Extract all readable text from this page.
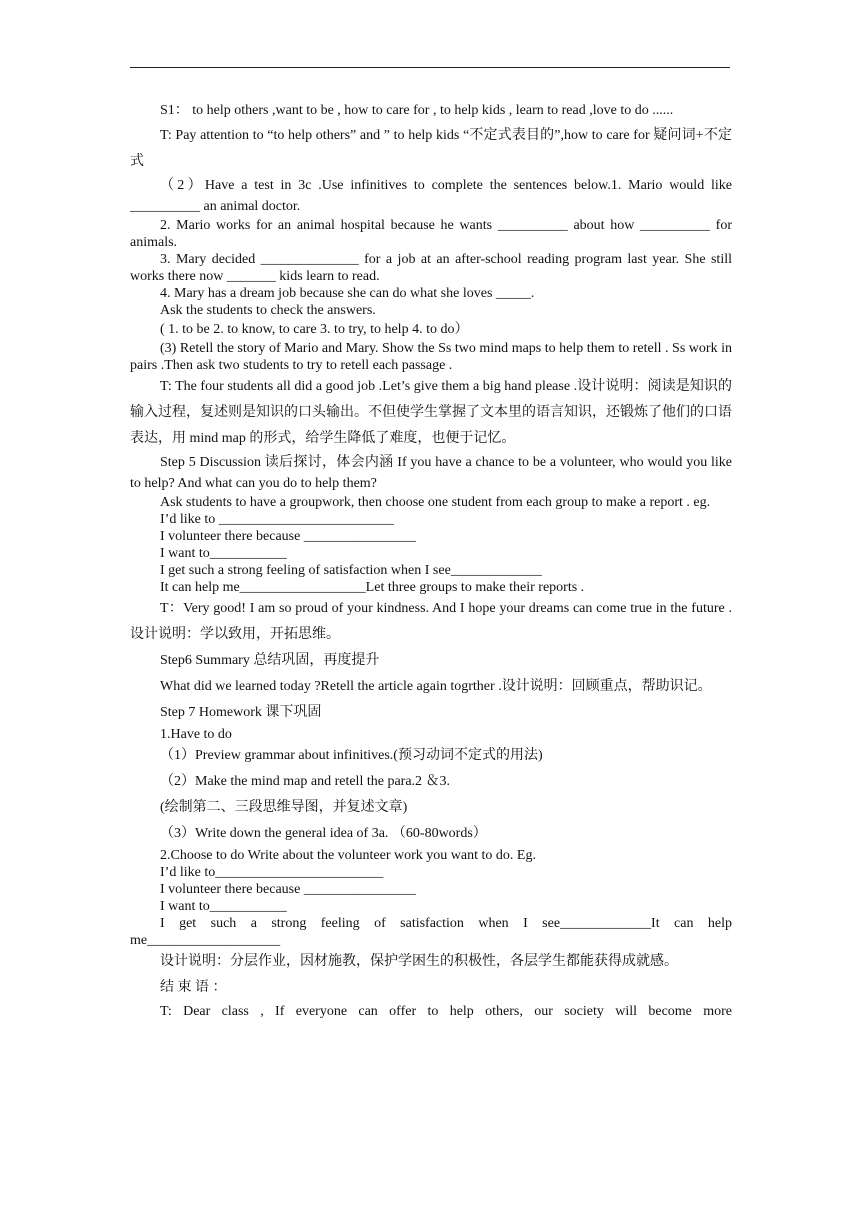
S1： to help others ,want to be , how to care for , to help kids , learn to read ,love to do ......

T: Pay attention to “to help others” and ” to help kids “不定式表目的”,how to care for 疑问词+不定式

（2）Have a test in 3c .Use infinitives to complete the sentences below.1. Mario would like __________ an animal doctor.

2. Mario works for an animal hospital because he wants __________ about how __________ for animals.

3. Mary decided ______________ for a job at an after-school reading program last year. She still works there now _______ kids learn to read.

4. Mary has a dream job because she can do what she loves _____.

Ask the students to check the answers.

( 1. to be 2. to know, to care 3. to try, to help 4. to do）

(3) Retell the story of Mario and Mary. Show the Ss two mind maps to help them to retell . Ss work in pairs .Then ask two students to try to retell each passage .

T: The four students all did a good job .Let’s give them a big hand please .设计说明：阅读是知识的输入过程，复述则是知识的口头输出。不但使学生掌握了文本里的语言知识，还锻炼了他们的口语表达，用 mind map 的形式，给学生降低了难度，也便于记忆。

Step 5 Discussion 读后探讨，体会内涵 If you have a chance to be a volunteer, who would you like to help? And what can you do to help them?

Ask students to have a groupwork, then choose one student from each group to make a report . eg.

I’d like to _________________________

I volunteer there because ________________

I want to___________

I get such a strong feeling of satisfaction when I see_____________

It can help me__________________Let three groups to make their reports .

T：Very good! I am so proud of your kindness. And I hope your dreams can come true in the future . 设计说明：学以致用，开拓思维。

Step6 Summary 总结巩固，再度提升

What did we learned today ?Retell the article again togrther .设计说明：回顾重点，帮助识记。

Step 7 Homework 课下巩固

1.Have to do

（1）Preview grammar about infinitives.(预习动词不定式的用法)

（2）Make the mind map and retell the para.2 ＆3.

(绘制第二、三段思维导图，并复述文章)

（3）Write down the general idea of 3a. （60-80words）

2.Choose to do Write about the volunteer work you want to do. Eg.

I’d like to________________________

I volunteer there because ________________

I want to___________

I get such a strong feeling of satisfaction when I see_____________It can help me___________________

设计说明：分层作业，因材施教，保护学困生的积极性，各层学生都能获得成就感。

结 束 语 ：

T: Dear class , If everyone can offer to help others, our society will become more
